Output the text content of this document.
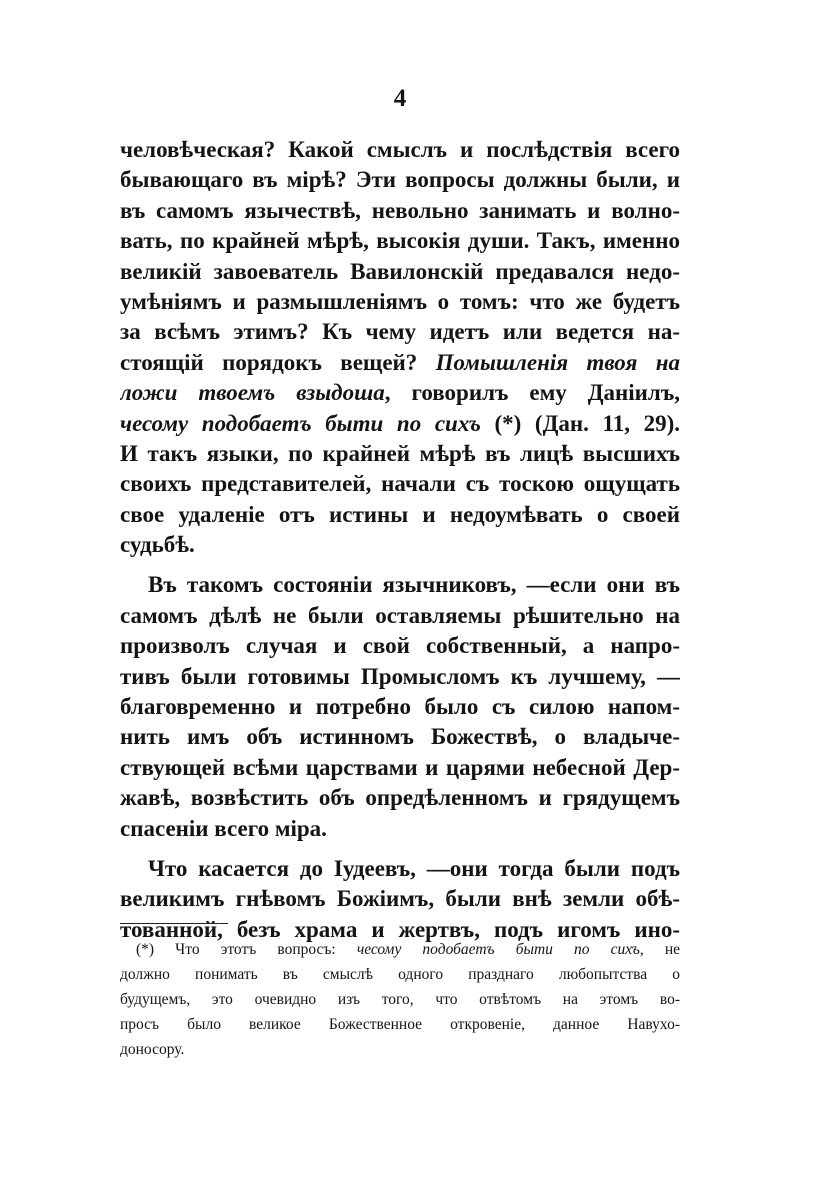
4
человѣческая? Какой смыслъ и послѣдствія всего
бывающаго въ мірѣ? Эти вопросы должны были, и
въ самомъ язычествѣ, невольно занимать и волно-
вать, по крайней мѣрѣ, высокія души. Такъ, именно
великій завоеватель Вавилонскій предавался недо-
умѣніямъ и размышленіямъ о томъ: что же будетъ
за всѣмъ этимъ? Къ чему идетъ или ведется на-
стоящій порядокъ вещей? Помышленія твоя на
ложи твоемъ взыдоша, говорилъ ему Даніилъ,
чесому подобаетъ быти по сихъ (*) (Дан. 11, 29).
И такъ языки, по крайней мѣрѣ въ лицѣ высшихъ
своихъ представителей, начали съ тоскою ощущать
свое удаленіе отъ истины и недоумѣвать о своей
судьбѣ.
Въ такомъ состояніи язычниковъ, —если они въ
самомъ дѣлѣ не были оставляемы рѣшительно на
произволъ случая и свой собственный, а напро-
тивъ были готовимы Промысломъ къ лучшему, —
благовременно и потребно было съ силою напом-
нить имъ объ истинномъ Божествѣ, о владыче-
ствующей всѣми царствами и царями небесной Дер-
жавѣ, возвѣстить объ опредѣленномъ и грядущемъ
спасеніи всего міра.
Что касается до Іудеевъ, —они тогда были подъ
великимъ гнѣвомъ Божіимъ, были внѣ земли обѣ-
тованной, безъ храма и жертвъ, подъ игомъ ино-
(*) Что этотъ вопросъ: чесому подобаетъ быти по сихъ, не
должно понимать въ смыслѣ одного празднаго любопытства о
будущемъ, это очевидно изъ того, что отвѣтомъ на этомъ во-
просъ было великое Божественное откровеніе, данное Навухо-
доносору.
